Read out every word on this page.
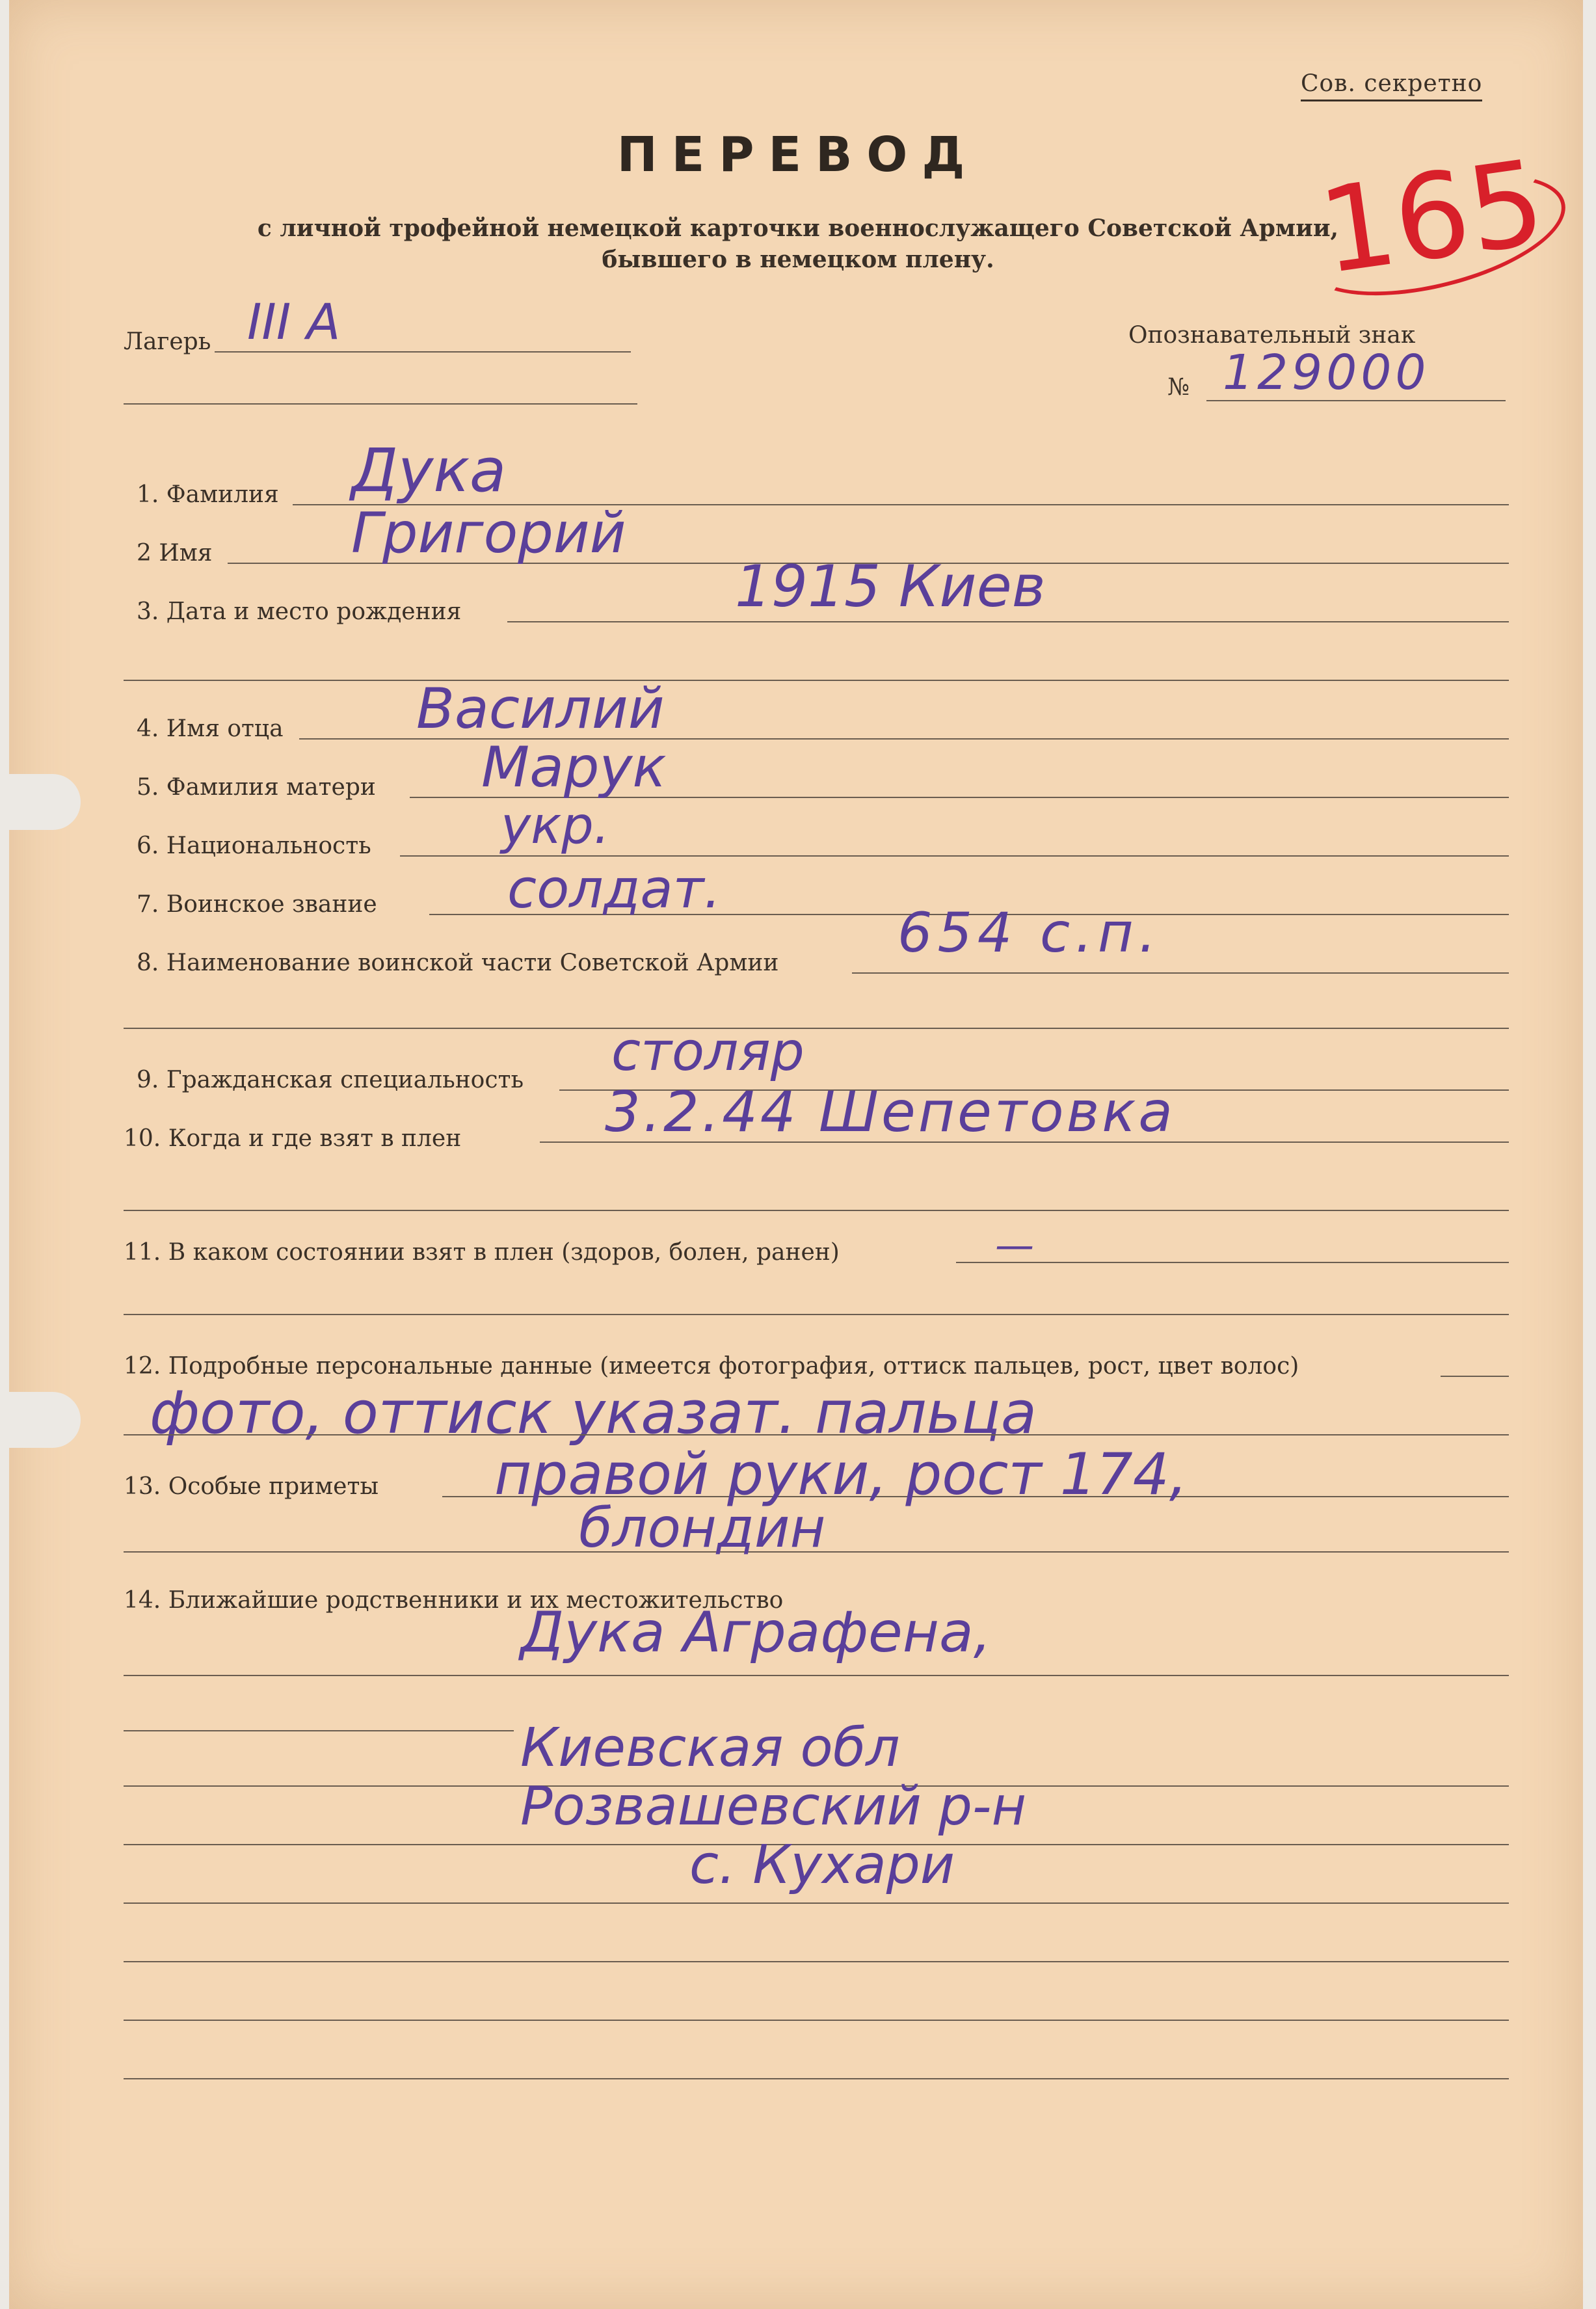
Сов. секретно
ПЕРЕВОД
с личной трофейной немецкой карточки военнослужащего Советской Армии,
бывшего в немецком плену.	165
Лагерь III А	Опознавательный знак
№ 129000
1. Фамилия Дука
2 Имя Григорий
3. Дата и место рождения	1915 Киев
4. Имя отца Василий
5. Фамилия матери Марук
6. Национальность	укр.
7. Воинское звание солдат.
8. Наименование воинской части Советской Армии 654 с.п.
9. Гражданская специальность столяр
10. Когда и где взят в плен	3.2.44 Шепетовка
11. В каком состоянии взят в плен (здоров, болен, ранен)	—
12. Подробные персональные данные (имеется фотография, оттиск пальцев, рост, цвет волос)
фото, оттиск указат. пальца
13. Особые приметы правой руки, рост 174,
блондин
14. Ближайшие родственники и их местожительство
Дука Аграфена,
Киевская обл
Розвашевский р-н
с. Кухари
